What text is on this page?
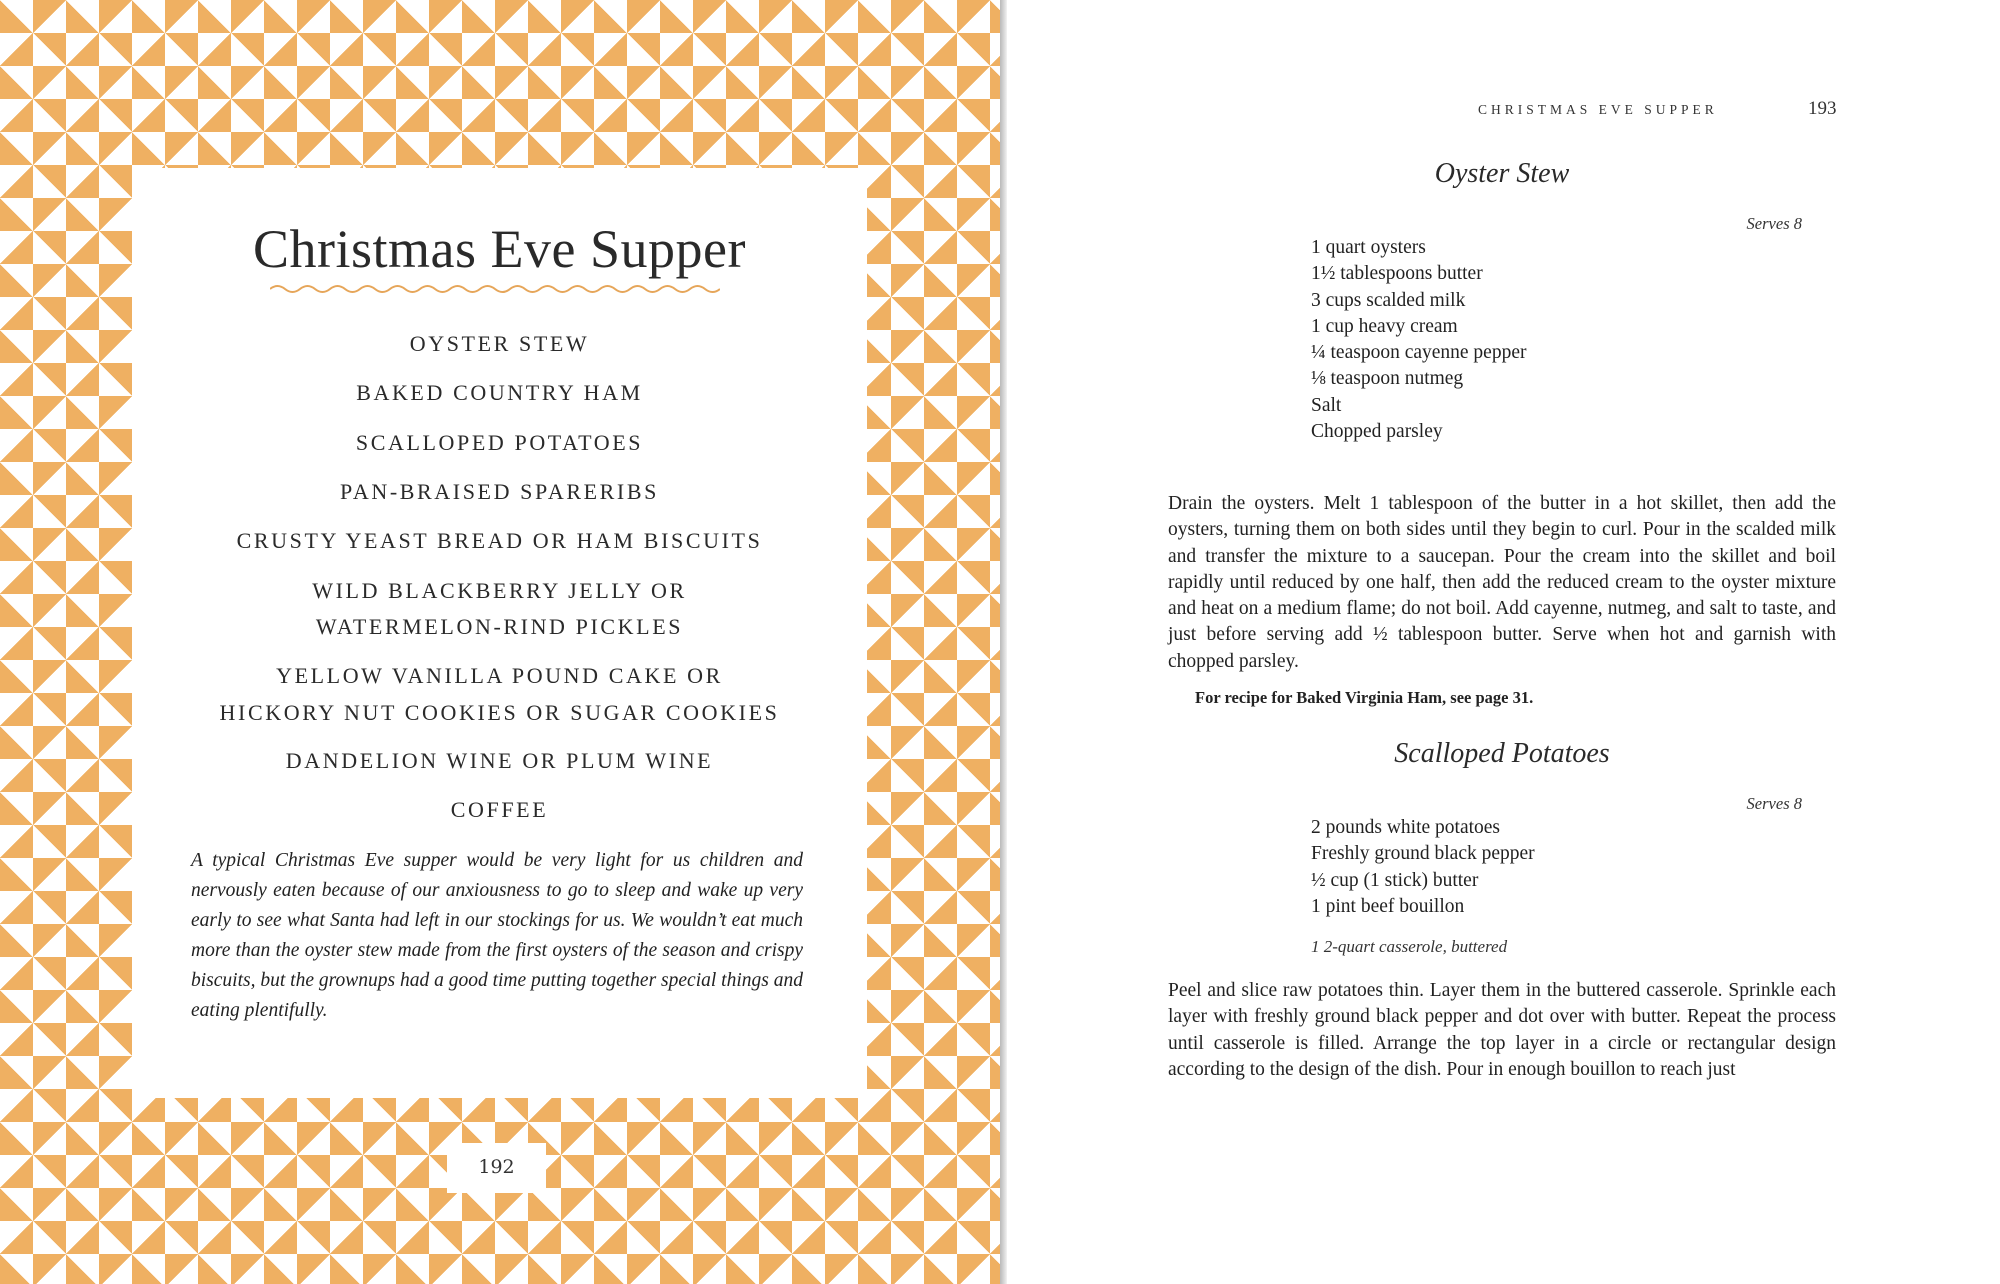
Christmas Eve Supper
OYSTER STEW
BAKED COUNTRY HAM
SCALLOPED POTATOES
PAN-BRAISED SPARERIBS
CRUSTY YEAST BREAD OR HAM BISCUITS
WILD BLACKBERRY JELLY OR
WATERMELON-RIND PICKLES
YELLOW VANILLA POUND CAKE OR
HICKORY NUT COOKIES OR SUGAR COOKIES
DANDELION WINE OR PLUM WINE
COFFEE

A typical Christmas Eve supper would be very light for us children and nervously eaten because of our anxiousness to go to sleep and wake up very early to see what Santa had left in our stockings for us. We wouldn’t eat much more than the oyster stew made from the first oysters of the season and crispy biscuits, but the grownups had a good time putting together special things and eating plentifully.

192
CHRISTMAS EVE SUPPER	193
Oyster Stew
Serves 8
1 quart oysters
1½ tablespoons butter
3 cups scalded milk
1 cup heavy cream
¼ teaspoon cayenne pepper
⅛ teaspoon nutmeg
Salt
Chopped parsley

Drain the oysters. Melt 1 tablespoon of the butter in a hot skillet, then add the oysters, turning them on both sides until they begin to curl. Pour in the scalded milk and transfer the mixture to a saucepan. Pour the cream into the skillet and boil rapidly until reduced by one half, then add the reduced cream to the oyster mixture and heat on a medium flame; do not boil. Add cayenne, nutmeg, and salt to taste, and just before serving add ½ tablespoon butter. Serve when hot and garnish with chopped parsley.

For recipe for Baked Virginia Ham, see page 31.
Scalloped Potatoes
Serves 8
2 pounds white potatoes
Freshly ground black pepper
½ cup (1 stick) butter
1 pint beef bouillon
1 2-quart casserole, buttered

Peel and slice raw potatoes thin. Layer them in the buttered casserole. Sprinkle each layer with freshly ground black pepper and dot over with butter. Repeat the process until casserole is filled. Arrange the top layer in a circle or rectangular design according to the design of the dish. Pour in enough bouillon to reach just
